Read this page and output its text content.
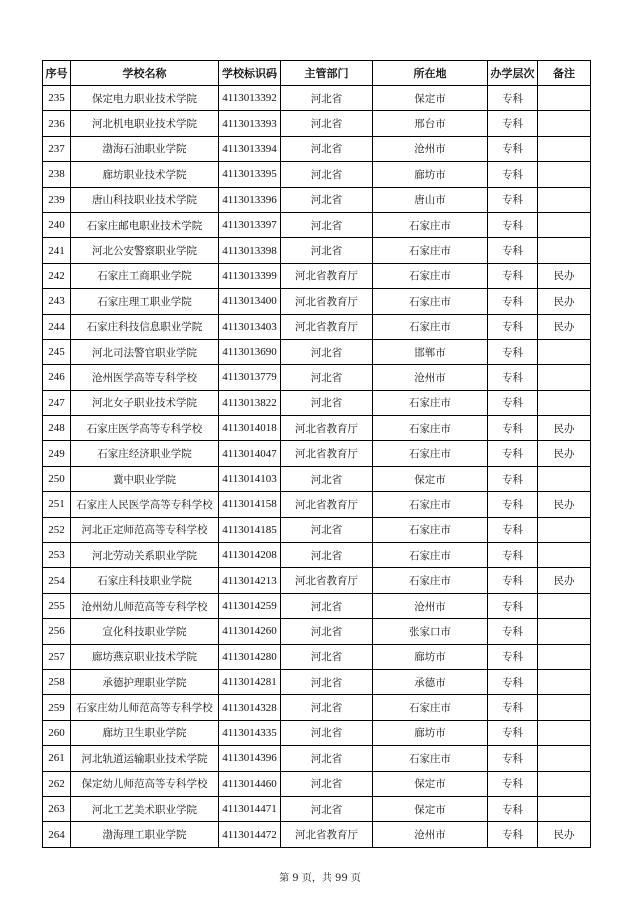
序号	学校名称	学校标识码	主管部门	所在地	办学层次	备注
235	保定电力职业技术学院	4113013392	河北省	保定市	专科	
236	河北机电职业技术学院	4113013393	河北省	邢台市	专科	
237	渤海石油职业学院	4113013394	河北省	沧州市	专科	
238	廊坊职业技术学院	4113013395	河北省	廊坊市	专科	
239	唐山科技职业技术学院	4113013396	河北省	唐山市	专科	
240	石家庄邮电职业技术学院	4113013397	河北省	石家庄市	专科	
241	河北公安警察职业学院	4113013398	河北省	石家庄市	专科	
242	石家庄工商职业学院	4113013399	河北省教育厅	石家庄市	专科	民办
243	石家庄理工职业学院	4113013400	河北省教育厅	石家庄市	专科	民办
244	石家庄科技信息职业学院	4113013403	河北省教育厅	石家庄市	专科	民办
245	河北司法警官职业学院	4113013690	河北省	邯郸市	专科	
246	沧州医学高等专科学校	4113013779	河北省	沧州市	专科	
247	河北女子职业技术学院	4113013822	河北省	石家庄市	专科	
248	石家庄医学高等专科学校	4113014018	河北省教育厅	石家庄市	专科	民办
249	石家庄经济职业学院	4113014047	河北省教育厅	石家庄市	专科	民办
250	冀中职业学院	4113014103	河北省	保定市	专科	
251	石家庄人民医学高等专科学校	4113014158	河北省教育厅	石家庄市	专科	民办
252	河北正定师范高等专科学校	4113014185	河北省	石家庄市	专科	
253	河北劳动关系职业学院	4113014208	河北省	石家庄市	专科	
254	石家庄科技职业学院	4113014213	河北省教育厅	石家庄市	专科	民办
255	沧州幼儿师范高等专科学校	4113014259	河北省	沧州市	专科	
256	宣化科技职业学院	4113014260	河北省	张家口市	专科	
257	廊坊燕京职业技术学院	4113014280	河北省	廊坊市	专科	
258	承德护理职业学院	4113014281	河北省	承德市	专科	
259	石家庄幼儿师范高等专科学校	4113014328	河北省	石家庄市	专科	
260	廊坊卫生职业学院	4113014335	河北省	廊坊市	专科	
261	河北轨道运输职业技术学院	4113014396	河北省	石家庄市	专科	
262	保定幼儿师范高等专科学校	4113014460	河北省	保定市	专科	
263	河北工艺美术职业学院	4113014471	河北省	保定市	专科	
264	渤海理工职业学院	4113014472	河北省教育厅	沧州市	专科	民办
第 9 页，共 99 页
